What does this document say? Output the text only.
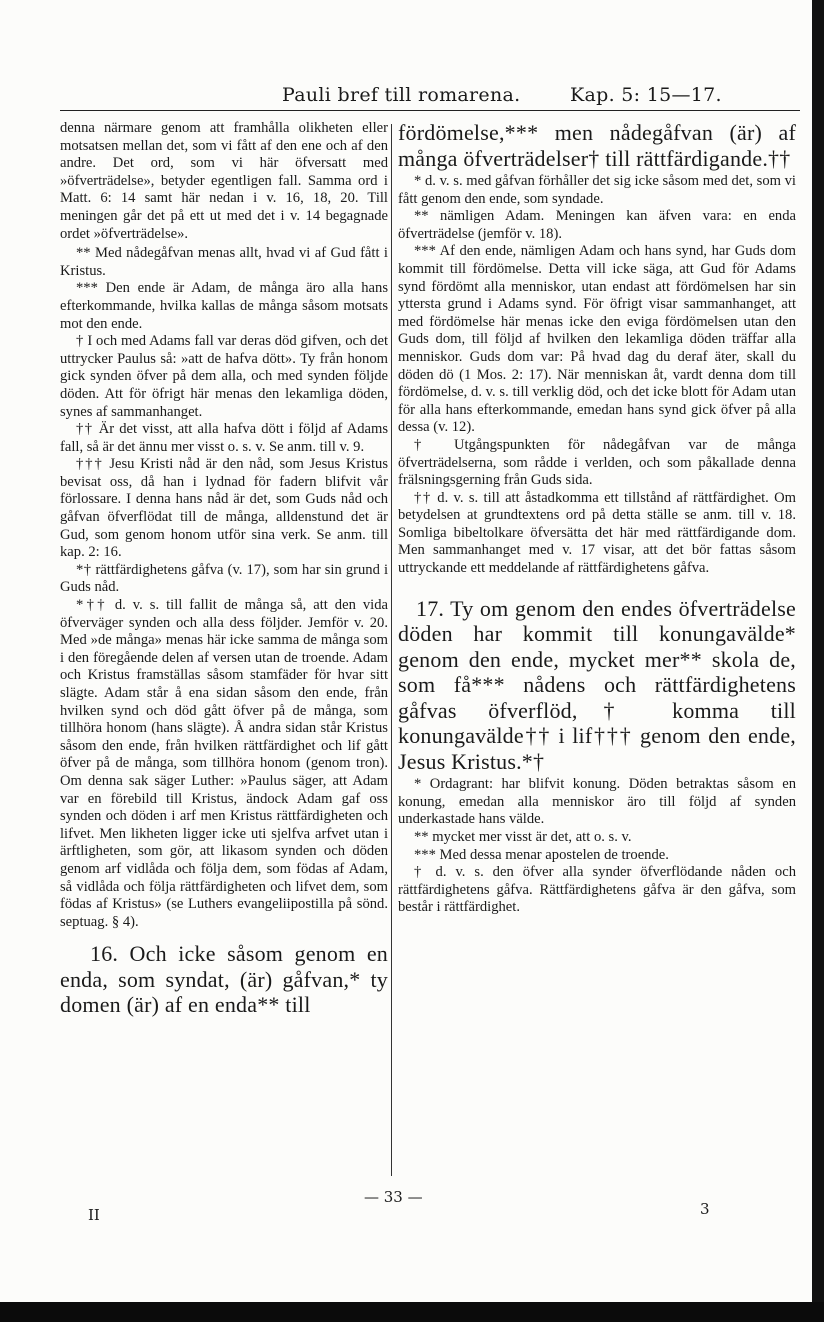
Pauli bref till romarena.	Kap. 5: 15—17.

denna närmare genom att framhålla olikheten eller motsatsen mellan det, som vi fått af den ene och af den andre. Det ord, som vi här öfversatt med »öfverträdelse», betyder egentligen fall. Samma ord i Matt. 6: 14 samt här nedan i v. 16, 18, 20. Till meningen går det på ett ut med det i v. 14 begagnade ordet »öfverträdelse».

** Med nådegåfvan menas allt, hvad vi af Gud fått i Kristus.

*** Den ende är Adam, de många äro alla hans efterkommande, hvilka kallas de många såsom motsats mot den ende.

† I och med Adams fall var deras död gifven, och det uttrycker Paulus så: »att de hafva dött». Ty från honom gick synden öfver på dem alla, och med synden följde döden. Att för öfrigt här menas den lekamliga döden, synes af sammanhanget.

†† Är det visst, att alla hafva dött i följd af Adams fall, så är det ännu mer visst o. s. v. Se anm. till v. 9.

††† Jesu Kristi nåd är den nåd, som Jesus Kristus bevisat oss, då han i lydnad för fadern blifvit vår förlossare. I denna hans nåd är det, som Guds nåd och gåfvan öfverflödat till de många, alldenstund det är Gud, som genom honom utför sina verk. Se anm. till kap. 2: 16.

*† rättfärdighetens gåfva (v. 17), som har sin grund i Guds nåd.

*†† d. v. s. till fallit de många så, att den vida öfverväger synden och alla dess följder. Jemför v. 20. Med »de många» menas här icke samma de många som i den föregående delen af versen utan de troende. Adam och Kristus framställas såsom stamfäder för hvar sitt slägte. Adam står å ena sidan såsom den ende, från hvilken synd och död gått öfver på de många, som tillhöra honom (hans slägte). Å andra sidan står Kristus såsom den ende, från hvilken rättfärdighet och lif gått öfver på de många, som tillhöra honom (genom tron). Om denna sak säger Luther: »Paulus säger, att Adam var en förebild till Kristus, ändock Adam gaf oss synden och döden i arf men Kristus rättfärdigheten och lifvet. Men likheten ligger icke uti sjelfva arfvet utan i ärftligheten, som gör, att likasom synden och döden genom arf vidlåda och följa dem, som födas af Adam, så vidlåda och följa rättfärdigheten och lifvet dem, som födas af Kristus» (se Luthers evangeliipostilla på sönd. septuag. § 4).

16. Och icke såsom genom en enda, som syndat, (är) gåfvan,* ty domen (är) af en enda** till

fördömelse,*** men nådegåfvan (är) af många öfverträdelser† till rättfärdigande.††

* d. v. s. med gåfvan förhåller det sig icke såsom med det, som vi fått genom den ende, som syndade.

** nämligen Adam. Meningen kan äfven vara: en enda öfverträdelse (jemför v. 18).

*** Af den ende, nämligen Adam och hans synd, har Guds dom kommit till fördömelse. Detta vill icke säga, att Gud för Adams synd fördömt alla menniskor, utan endast att fördömelsen har sin yttersta grund i Adams synd. För öfrigt visar sammanhanget, att med fördömelse här menas icke den eviga fördömelsen utan den Guds dom, till följd af hvilken den lekamliga döden träffar alla menniskor. Guds dom var: På hvad dag du deraf äter, skall du döden dö (1 Mos. 2: 17). När menniskan åt, vardt denna dom till fördömelse, d. v. s. till verklig död, och det icke blott för Adam utan för alla hans efterkommande, emedan hans synd gick öfver på alla dessa (v. 12).

† Utgångspunkten för nådegåfvan var de många öfverträdelserna, som rådde i verlden, och som påkallade denna frälsningsgerning från Guds sida.

†† d. v. s. till att åstadkomma ett tillstånd af rättfärdighet. Om betydelsen at grundtextens ord på detta ställe se anm. till v. 18. Somliga bibeltolkare öfversätta det här med rättfärdigande dom. Men sammanhanget med v. 17 visar, att det bör fattas såsom uttryckande ett meddelande af rättfärdighetens gåfva.

17. Ty om genom den endes öfverträdelse döden har kommit till konungavälde* genom den ende, mycket mer** skola de, som få*** nådens och rättfärdighetens gåfvas öfverflöd,† komma till konungavälde†† i lif††† genom den ende, Jesus Kristus.*†

* Ordagrant: har blifvit konung. Döden betraktas såsom en konung, emedan alla menniskor äro till följd af synden underkastade hans välde.

** mycket mer visst är det, att o. s. v.

*** Med dessa menar apostelen de troende.

† d. v. s. den öfver alla synder öfverflödande nåden och rättfärdighetens gåfva. Rättfärdighetens gåfva är den gåfva, som består i rättfärdighet.

— 33 —
II	3
